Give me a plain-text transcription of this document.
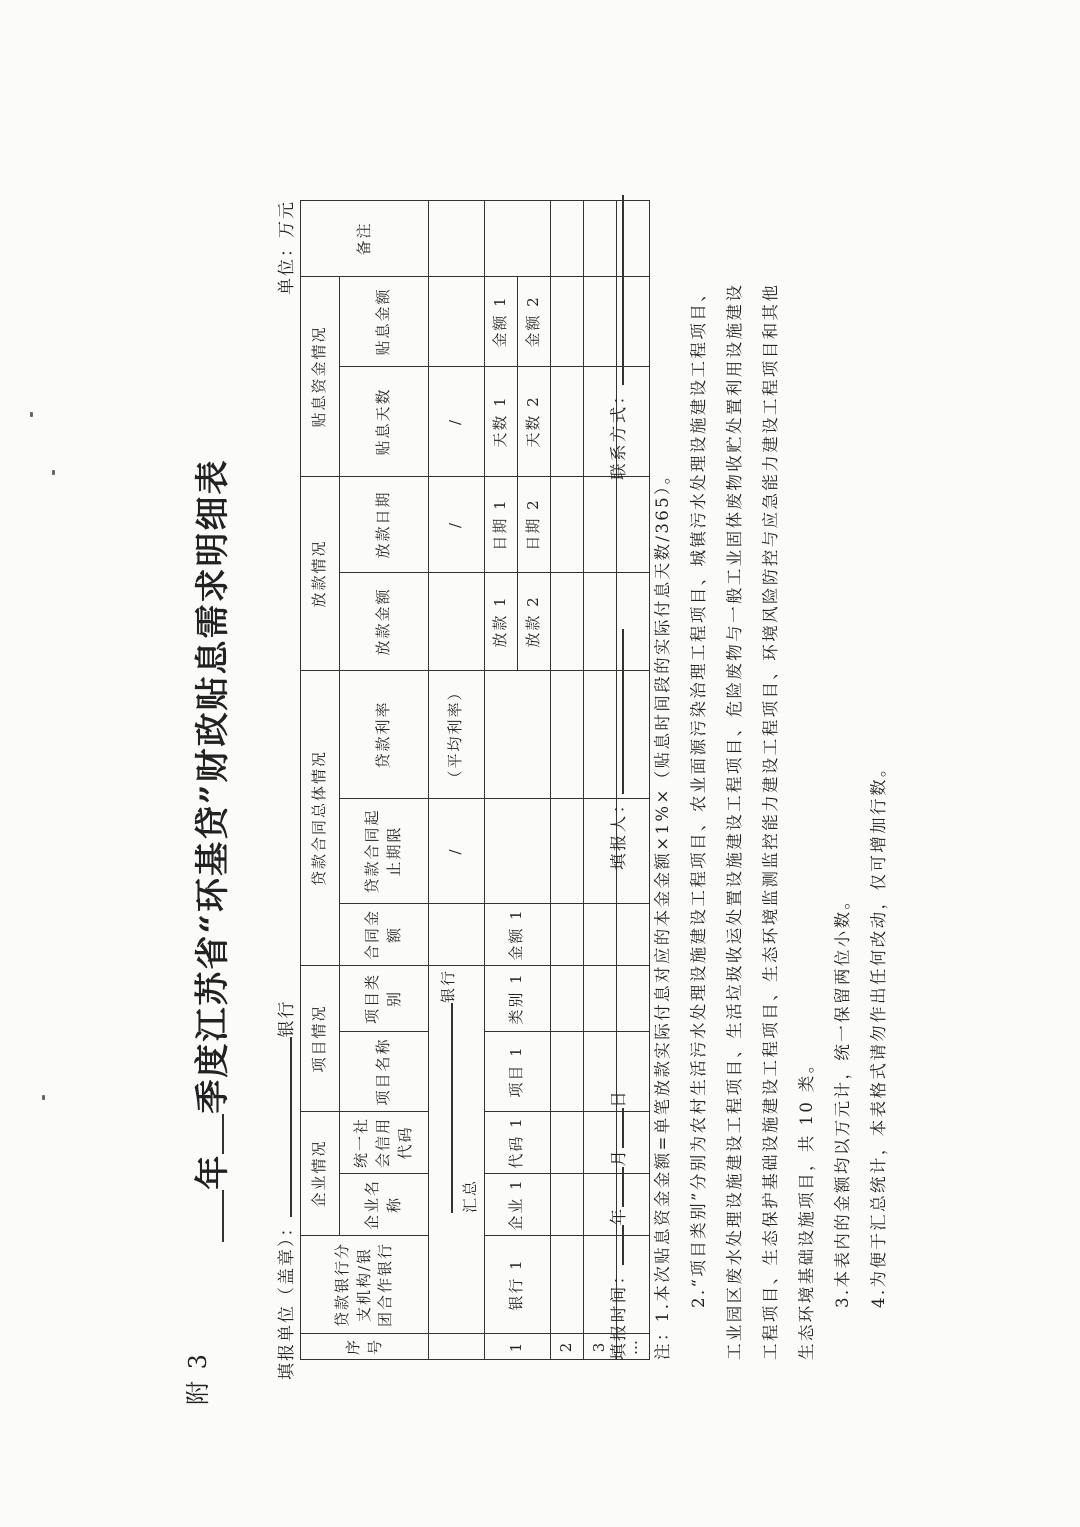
附 3
年季度江苏省“环基贷”财政贴息需求明细表
填报单位（盖章）：银行
单位：万元
序号	贷款银行分支机构/银团合作银行	企业情况		项目情况		贷款合同总体情况			放款情况		贴息资金情况		备注
		企业名称	统一社会信用代码	项目名称	项目类别	合同金额	贷款合同起止期限	贷款利率	放款金额	放款日期	贴息天数	贴息金额	
	银行汇总						/	（平均利率）		/	/		
1	银行 1	企业 1	代码 1	项目 1	类别 1	金额 1			放款 1	日期 1	天数 1	金额 1	
									放款 2	日期 2	天数 2	金额 2	
2													
3													
…													
填报时间：年月日
填报人：
联系方式：

注：1.本次贴息资金金额=单笔放款实际付息对应的本金金额×1%×（贴息时间段的实际付息天数/365）。	2.“项目类别”分别为农村生活污水处理设施建设工程项目、农业面源污染治理工程项目、城镇污水处理设施建设工程项目、	工业园区废水处理设施建设工程项目、生活垃圾收运处置设施建设工程项目、危险废物与一般工业固体废物收贮处置利用设施建设	工程项目、生态保护基础设施建设工程项目、生态环境监测监控能力建设工程项目、环境风险防控与应急能力建设工程项目和其他	生态环境基础设施项目，共 10 类。	3.本表内的金额均以万元计，统一保留两位小数。	4.为便于汇总统计，本表格式请勿作出任何改动，仅可增加行数。
